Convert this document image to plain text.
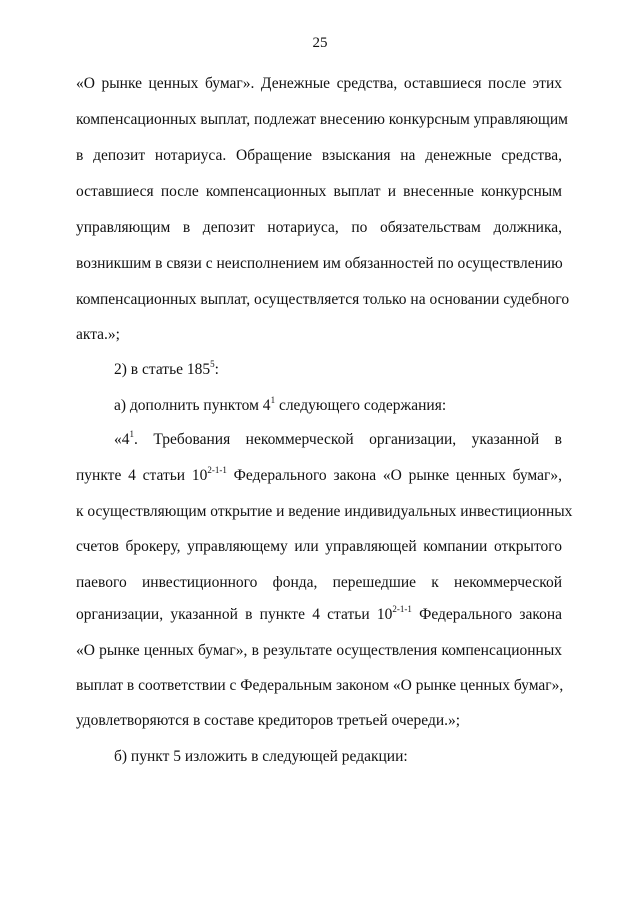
25
«О рынке ценных бумаг». Денежные средства, оставшиеся после этих
компенсационных выплат, подлежат внесению конкурсным управляющим
в депозит нотариуса. Обращение взыскания на денежные средства,
оставшиеся после компенсационных выплат и внесенные конкурсным
управляющим в депозит нотариуса, по обязательствам должника,
возникшим в связи с неисполнением им обязанностей по осуществлению
компенсационных выплат, осуществляется только на основании судебного
акта.»;
2) в статье $185^5$:
а) дополнить пунктом $4^1$ следующего содержания:
«$4^1$. Требования некоммерческой организации, указанной в
пункте 4 статьи 10$^{2-1-1}$ Федерального закона «О рынке ценных бумаг»,
к осуществляющим открытие и ведение индивидуальных инвестиционных
счетов брокеру, управляющему или управляющей компании открытого
паевого инвестиционного фонда, перешедшие к некоммерческой
организации, указанной в пункте 4 статьи 10$^{2-1-1}$ Федерального закона
«О рынке ценных бумаг», в результате осуществления компенсационных
выплат в соответствии с Федеральным законом «О рынке ценных бумаг»,
удовлетворяются в составе кредиторов третьей очереди.»;
б) пункт 5 изложить в следующей редакции:
